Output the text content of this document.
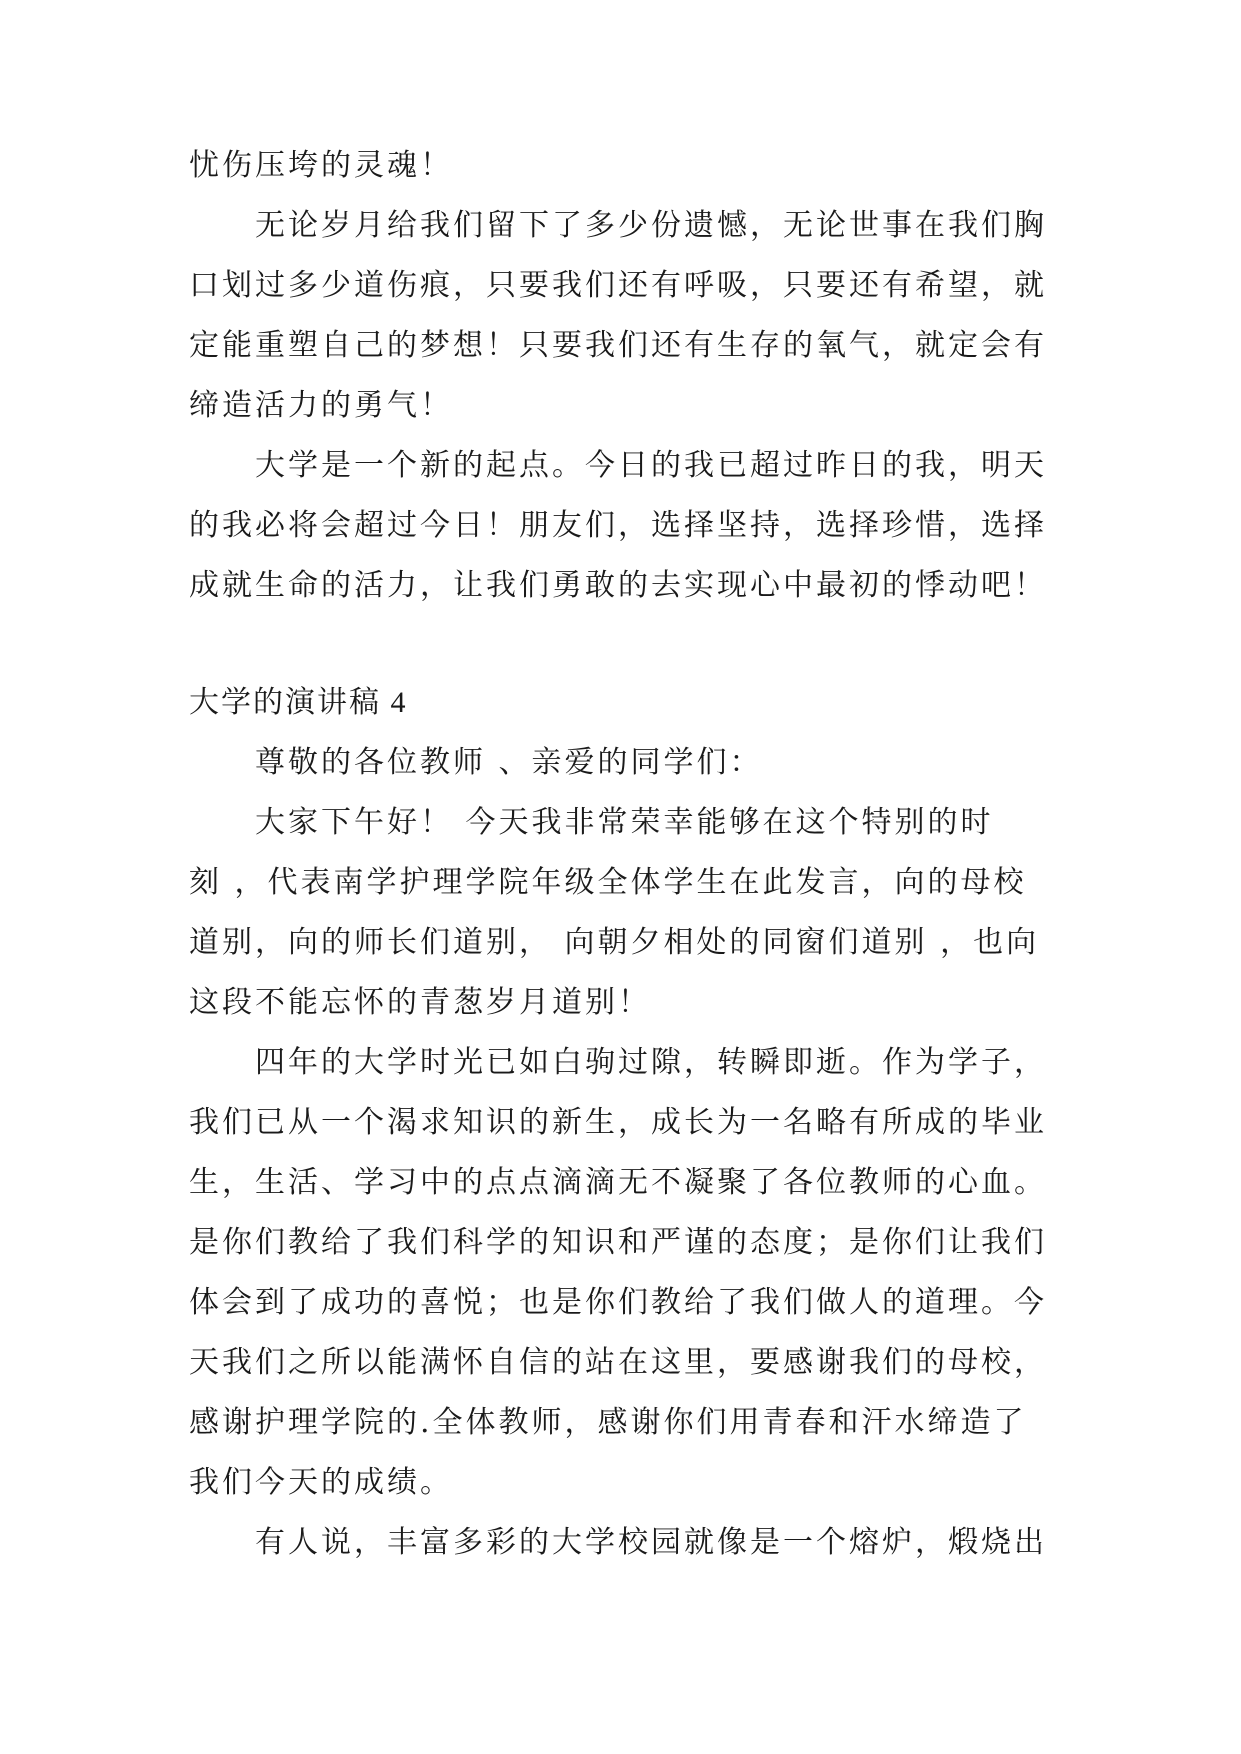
忧伤压垮的灵魂！
无论岁月给我们留下了多少份遗憾，无论世事在我们胸
口划过多少道伤痕，只要我们还有呼吸，只要还有希望，就
定能重塑自己的梦想！只要我们还有生存的氧气，就定会有
缔造活力的勇气！
大学是一个新的起点。今日的我已超过昨日的我，明天
的我必将会超过今日！朋友们，选择坚持，选择珍惜，选择
成就生命的活力，让我们勇敢的去实现心中最初的悸动吧！
大学的演讲稿 4
尊敬的各位教师 、亲爱的同学们：
大家下午好！ 今天我非常荣幸能够在这个特别的时
刻 ，代表南学护理学院年级全体学生在此发言，向的母校
道别，向的师长们道别， 向朝夕相处的同窗们道别 ，也向
这段不能忘怀的青葱岁月道别！
四年的大学时光已如白驹过隙，转瞬即逝。作为学子，
我们已从一个渴求知识的新生，成长为一名略有所成的毕业
生，生活、学习中的点点滴滴无不凝聚了各位教师的心血。
是你们教给了我们科学的知识和严谨的态度；是你们让我们
体会到了成功的喜悦；也是你们教给了我们做人的道理。今
天我们之所以能满怀自信的站在这里，要感谢我们的母校，
感谢护理学院的.全体教师，感谢你们用青春和汗水缔造了
我们今天的成绩。
有人说，丰富多彩的大学校园就像是一个熔炉，煅烧出
